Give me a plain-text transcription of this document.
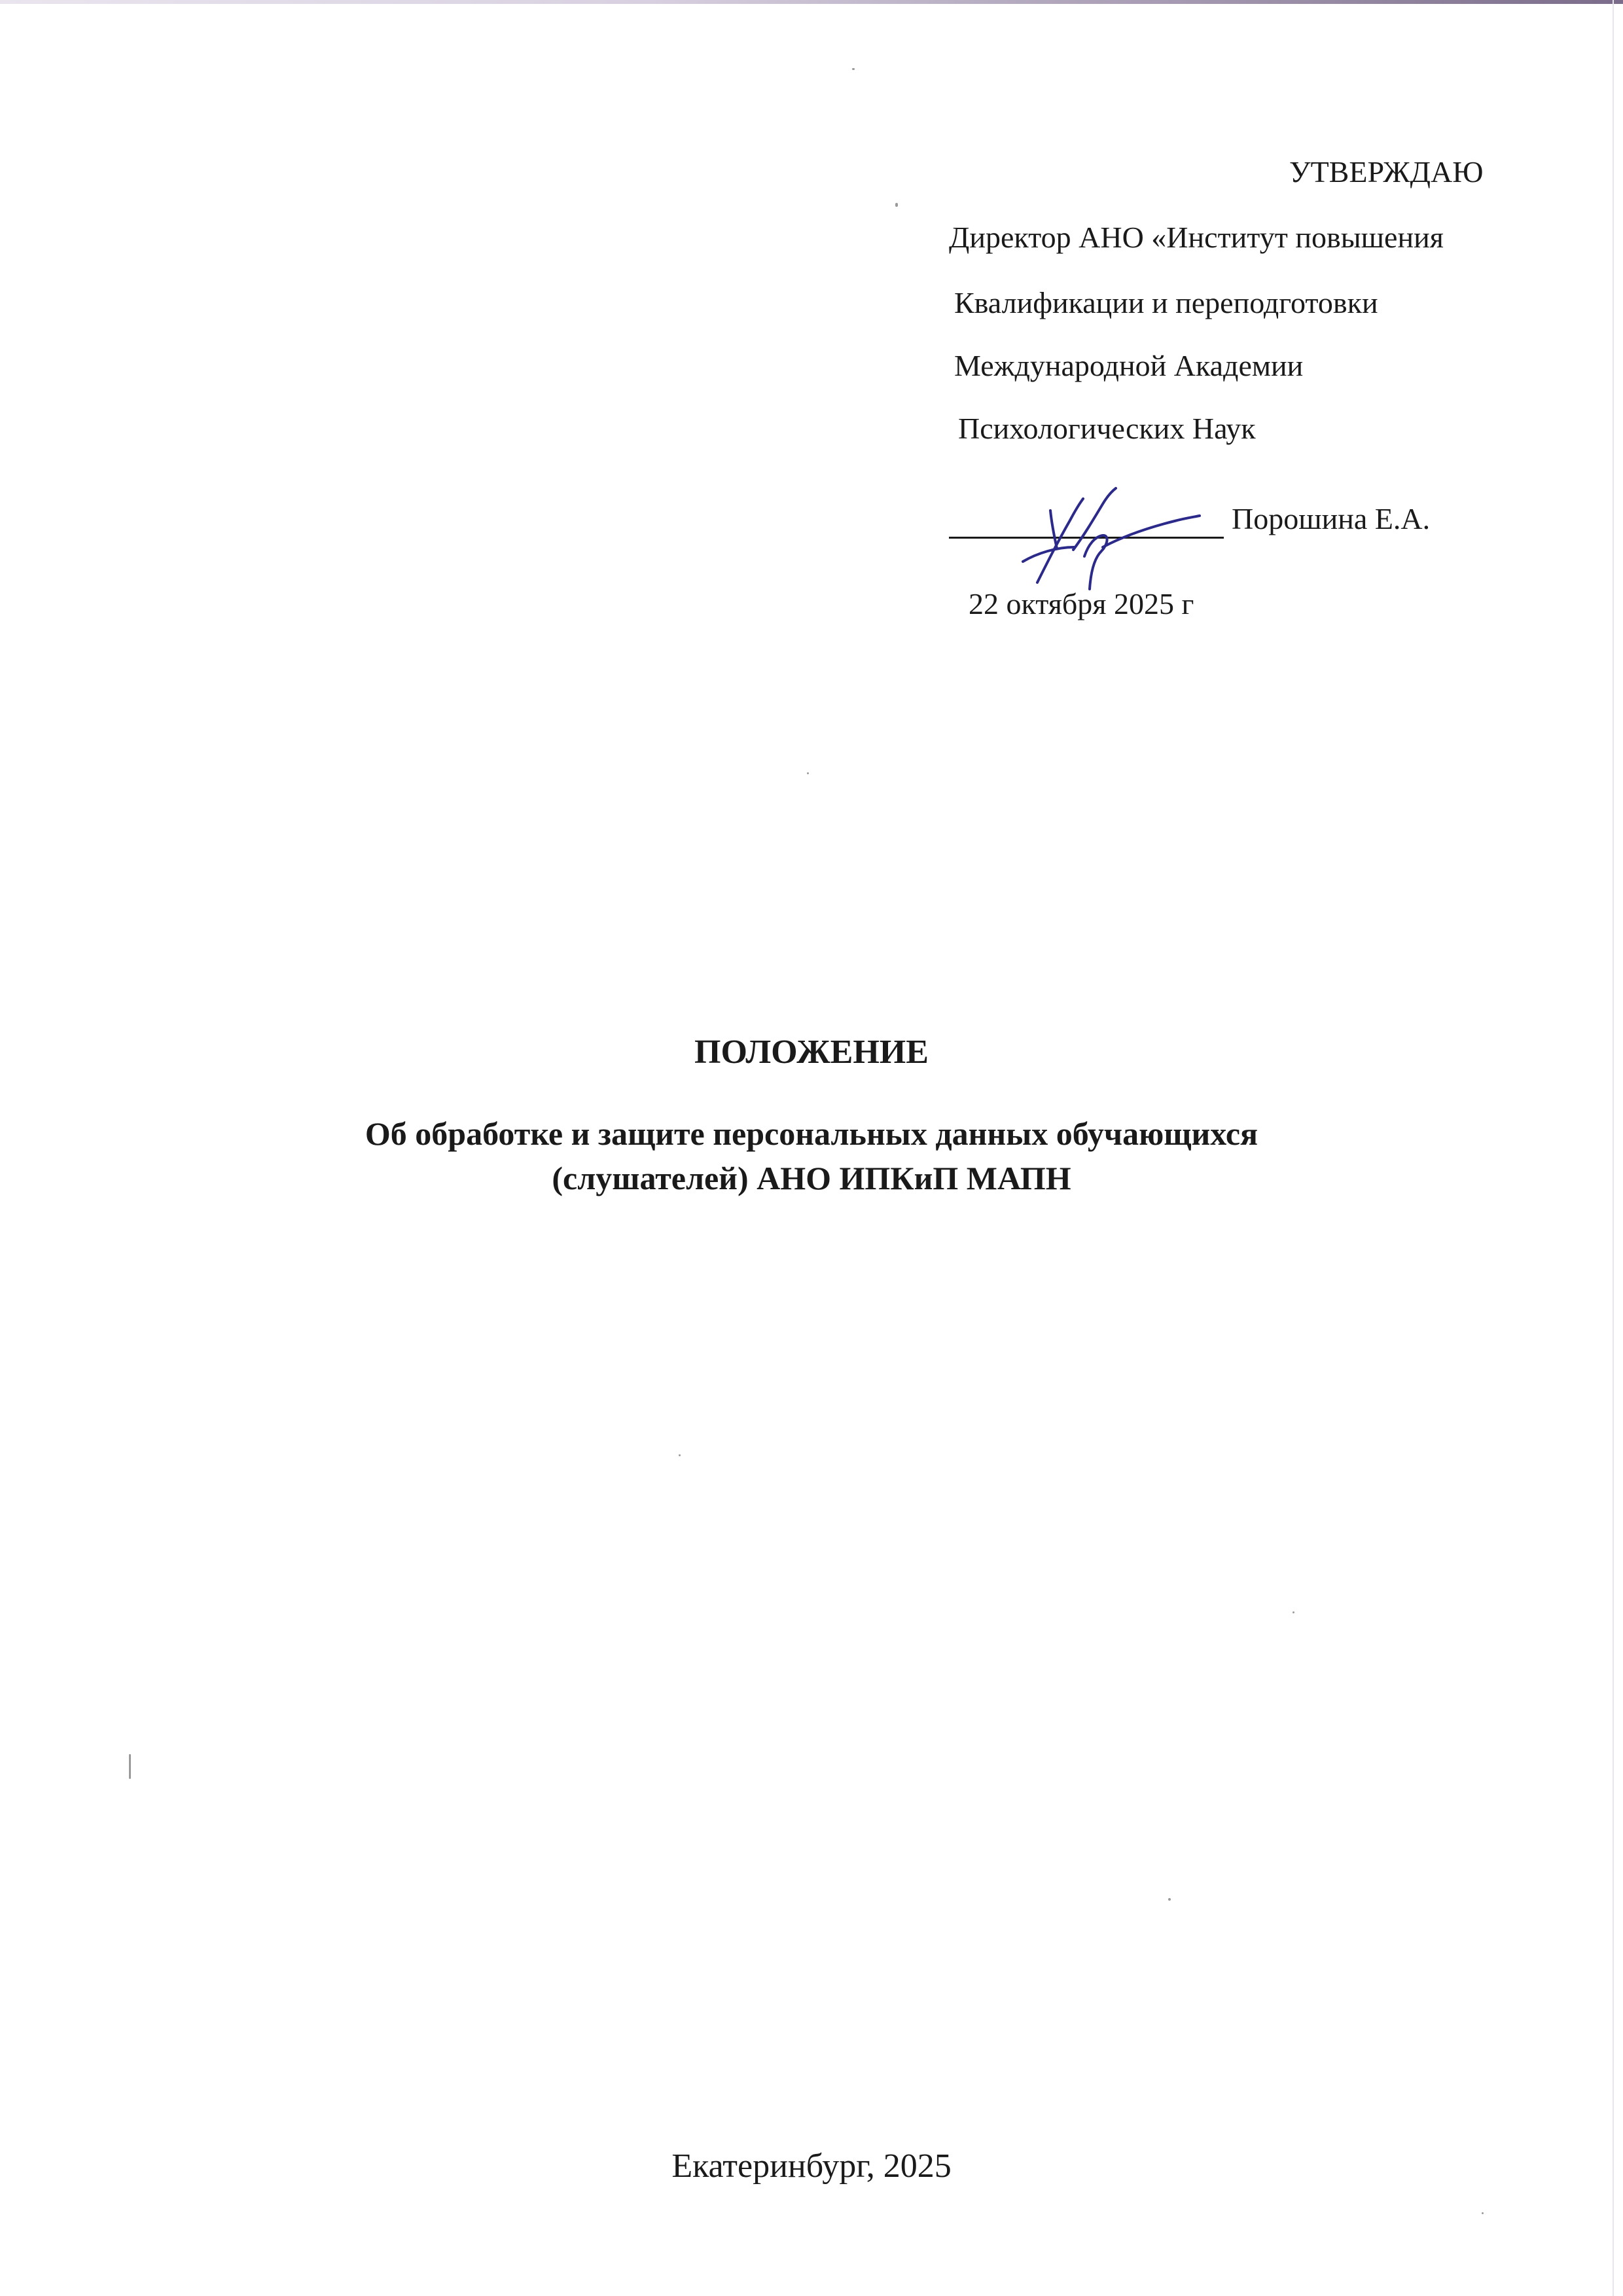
УТВЕРЖДАЮ
Директор АНО «Институт повышения
Квалификации и переподготовки
Международной Академии
Психологических Наук
Порошина Е.А.
22 октября 2025 г
ПОЛОЖЕНИЕ
Об обработке и защите персональных данных обучающихся
(слушателей) АНО ИПКиП МАПН
Екатеринбург, 2025
